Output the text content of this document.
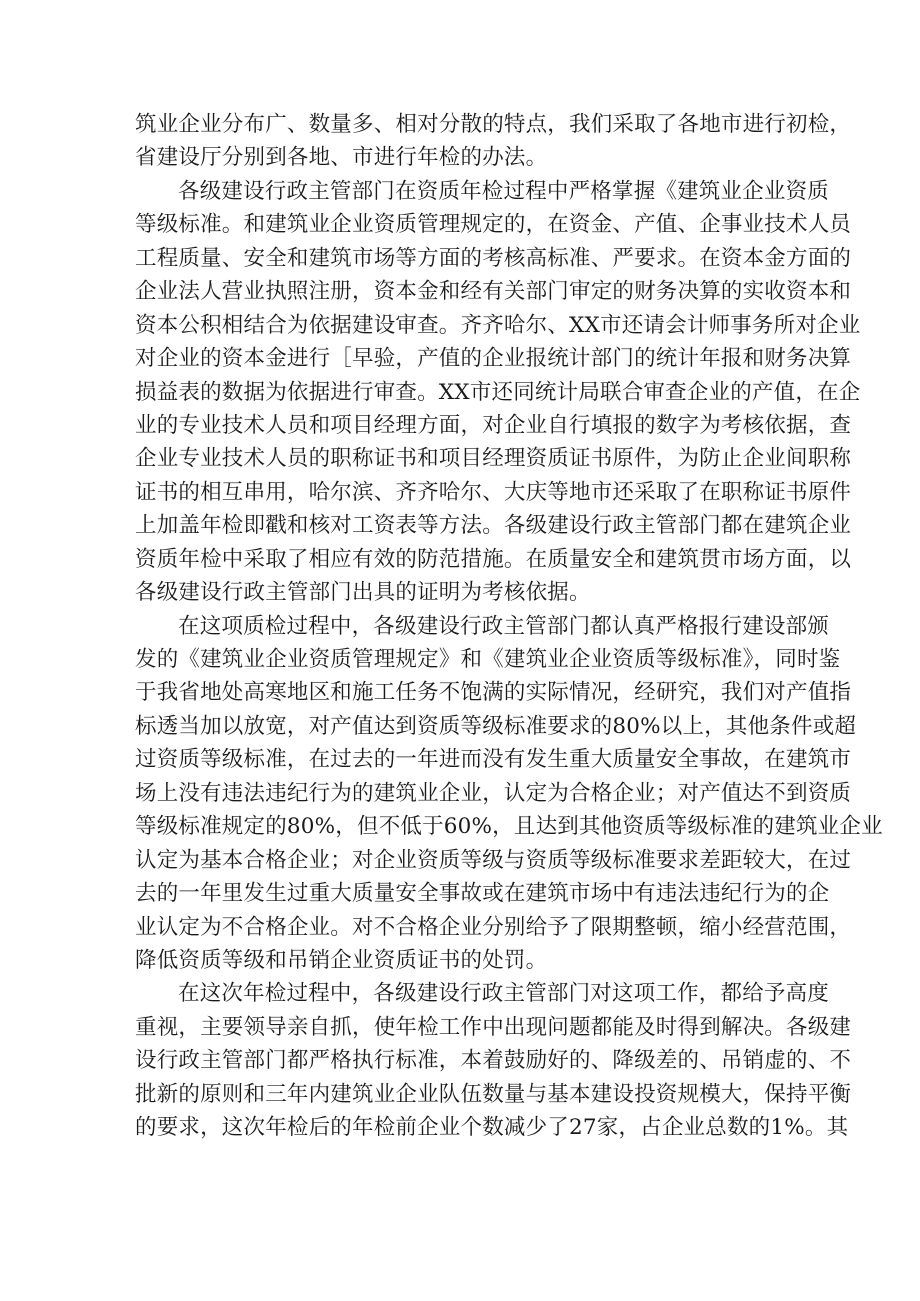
筑业企业分布广、数量多、相对分散的特点，我们采取了各地市进行初检，
省建设厅分别到各地、市进行年检的办法。
各级建设行政主管部门在资质年检过程中严格掌握《建筑业企业资质
等级标准。和建筑业企业资质管理规定的，在资金、产值、企事业技术人员
工程质量、安全和建筑市场等方面的考核高标准、严要求。在资本金方面的
企业法人营业执照注册，资本金和经有关部门审定的财务决算的实收资本和
资本公积相结合为依据建设审查。齐齐哈尔、XX市还请会计师事务所对企业
对企业的资本金进行［早验，产值的企业报统计部门的统计年报和财务决算
损益表的数据为依据进行审查。XX市还同统计局联合审查企业的产值，在企
业的专业技术人员和项目经理方面，对企业自行填报的数字为考核依据，查
企业专业技术人员的职称证书和项目经理资质证书原件，为防止企业间职称
证书的相互串用，哈尔滨、齐齐哈尔、大庆等地市还采取了在职称证书原件
上加盖年检即戳和核对工资表等方法。各级建设行政主管部门都在建筑企业
资质年检中采取了相应有效的防范措施。在质量安全和建筑贯市场方面，以
各级建设行政主管部门出具的证明为考核依据。
在这项质检过程中，各级建设行政主管部门都认真严格报行建设部颁
发的《建筑业企业资质管理规定》和《建筑业企业资质等级标准》，同时鉴
于我省地处高寒地区和施工任务不饱满的实际情况，经研究，我们对产值指
标透当加以放宽，对产值达到资质等级标准要求的80%以上，其他条件或超
过资质等级标准，在过去的一年进而没有发生重大质量安全事故，在建筑市
场上没有违法违纪行为的建筑业企业，认定为合格企业；对产值达不到资质
等级标准规定的80%，但不低于60%，且达到其他资质等级标准的建筑业企业
认定为基本合格企业；对企业资质等级与资质等级标准要求差距较大，在过
去的一年里发生过重大质量安全事故或在建筑市场中有违法违纪行为的企
业认定为不合格企业。对不合格企业分别给予了限期整顿，缩小经营范围，
降低资质等级和吊销企业资质证书的处罚。
在这次年检过程中，各级建设行政主管部门对这项工作，都给予高度
重视，主要领导亲自抓，使年检工作中出现问题都能及时得到解决。各级建
设行政主管部门都严格执行标准，本着鼓励好的、降级差的、吊销虚的、不
批新的原则和三年内建筑业企业队伍数量与基本建设投资规模大，保持平衡
的要求，这次年检后的年检前企业个数减少了27家，占企业总数的1%。其
